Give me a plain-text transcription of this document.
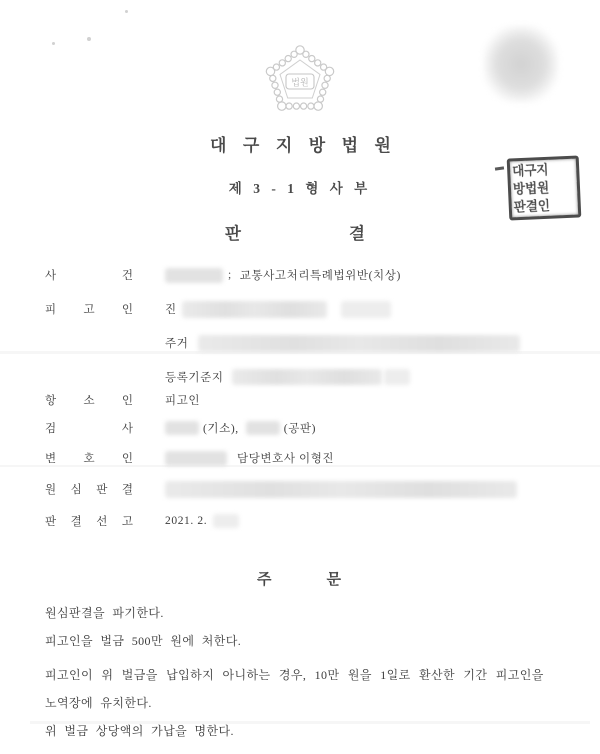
법원
대구지
방법원
판결인
대 구 지 방 법 원
제 3 - 1 형 사 부
판	결
사	건	; 교통사고처리특례법위반(치상)
피 고 인	진
주거
등록기준지
항 소 인	피고인
검	사	(기소),	(공판)
변 호 인	담당변호사 이형진
원 심 판 결
판 결 선 고	2021. 2.
주	문
원심판결을 파기한다.
피고인을 벌금 500만 원에 처한다.
피고인이 위 벌금을 납입하지 아니하는 경우, 10만 원을 1일로 환산한 기간 피고인을
노역장에 유치한다.
위 벌금 상당액의 가납을 명한다.
